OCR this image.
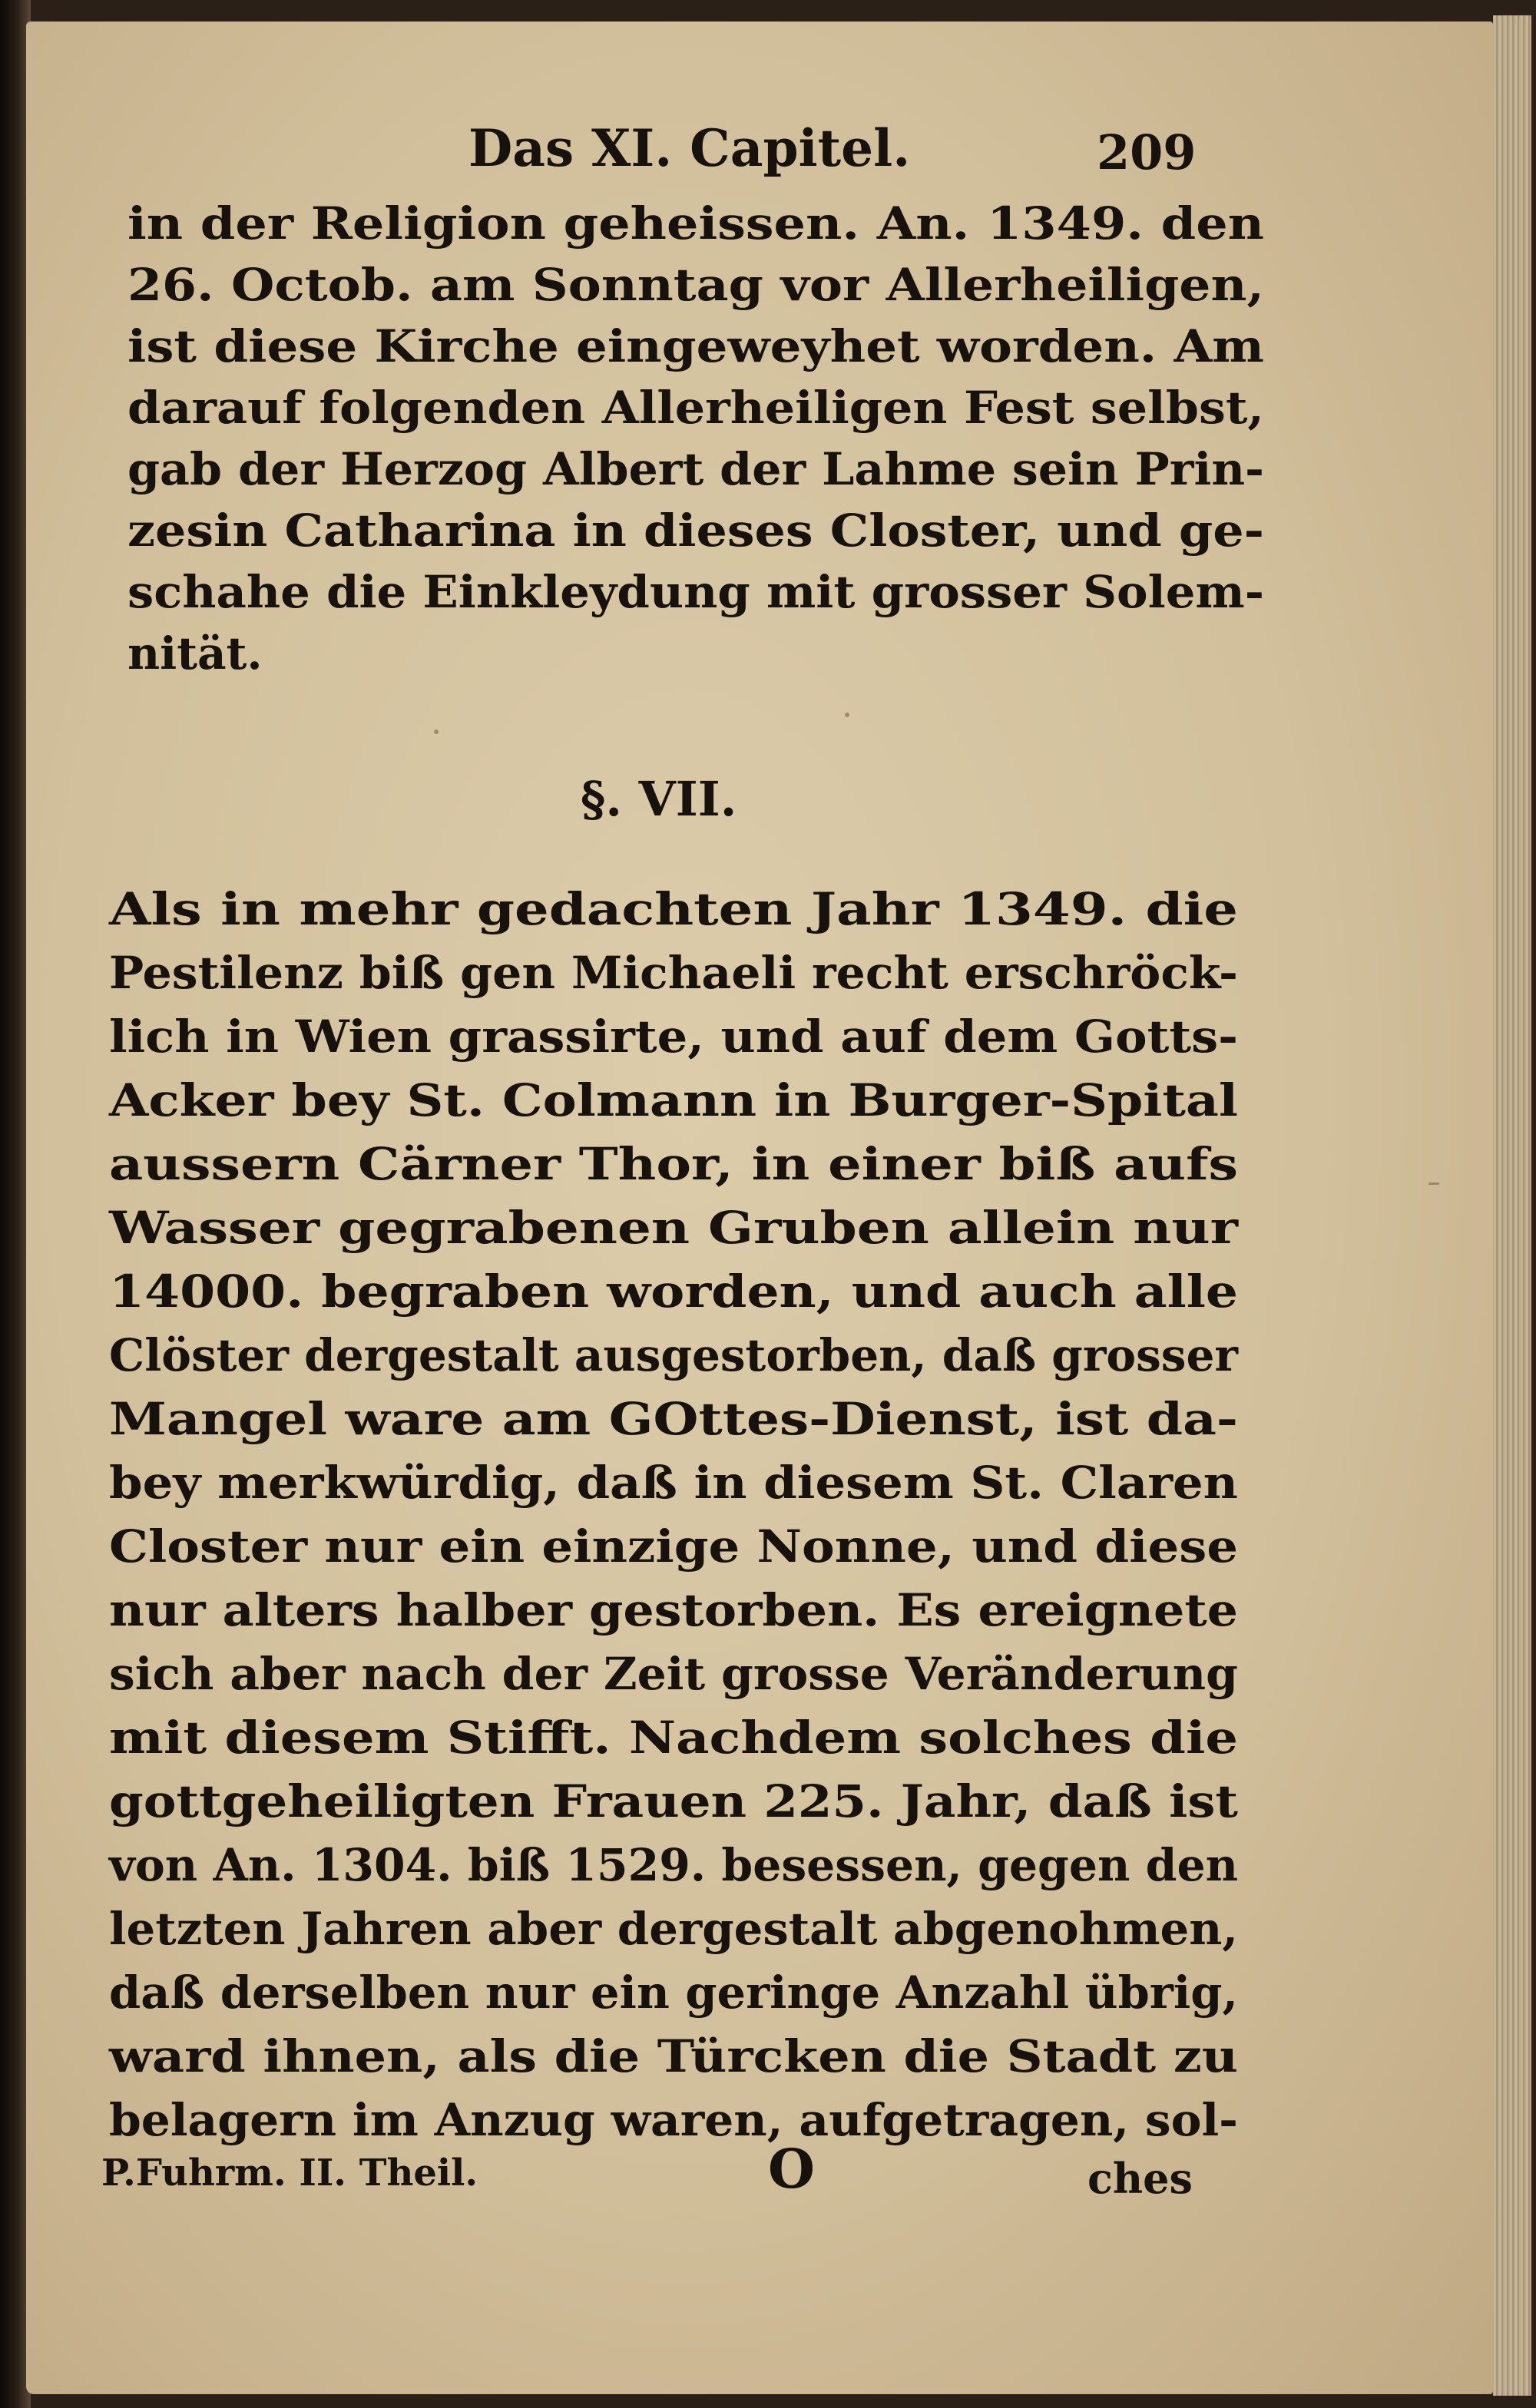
Das XI. Capitel.	209
in der Religion geheissen. An. 1349. den
26. Octob. am Sonntag vor Allerheiligen,
ist diese Kirche eingeweyhet worden. Am
darauf folgenden Allerheiligen Fest selbst,
gab der Herzog Albert der Lahme sein Prin-
zesin Catharina in dieses Closter, und ge-
schahe die Einkleydung mit grosser Solem-
nität.
§. VII.
Als in mehr gedachten Jahr 1349. die
Pestilenz biß gen Michaeli recht erschröck-
lich in Wien grassirte, und auf dem Gotts-
Acker bey St. Colmann in Burger-Spital
aussern Cärner Thor, in einer biß aufs
Wasser gegrabenen Gruben allein nur
14000. begraben worden, und auch alle
Clöster dergestalt ausgestorben, daß grosser
Mangel ware am GOttes-Dienst, ist da-
bey merkwürdig, daß in diesem St. Claren
Closter nur ein einzige Nonne, und diese
nur alters halber gestorben. Es ereignete
sich aber nach der Zeit grosse Veränderung
mit diesem Stifft. Nachdem solches die
gottgeheiligten Frauen 225. Jahr, daß ist
von An. 1304. biß 1529. besessen, gegen den
letzten Jahren aber dergestalt abgenohmen,
daß derselben nur ein geringe Anzahl übrig,
ward ihnen, als die Türcken die Stadt zu
belagern im Anzug waren, aufgetragen, sol-
P.Fuhrm. II. Theil.	O	ches
